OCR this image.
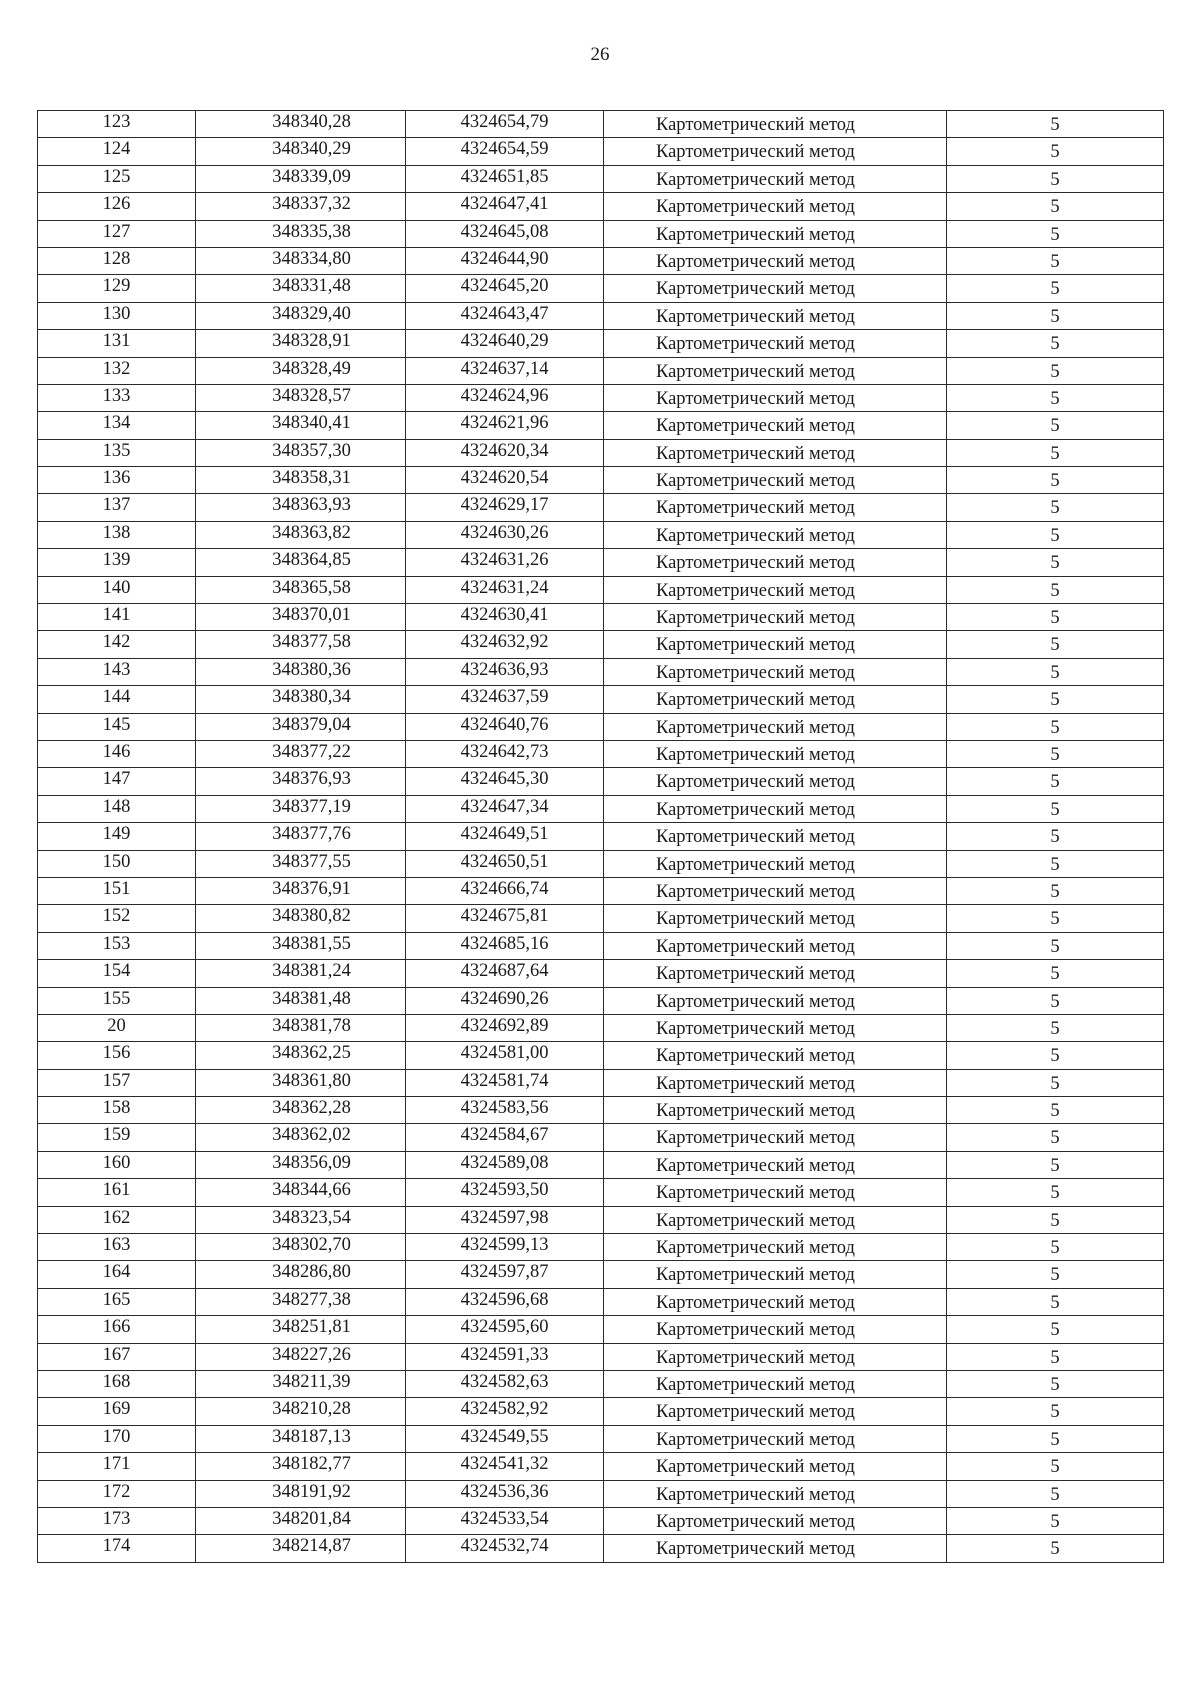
26
123	348340,28	4324654,79	Картометрический метод	5

124	348340,29	4324654,59	Картометрический метод	5

125	348339,09	4324651,85	Картометрический метод	5

126	348337,32	4324647,41	Картометрический метод	5

127	348335,38	4324645,08	Картометрический метод	5

128	348334,80	4324644,90	Картометрический метод	5

129	348331,48	4324645,20	Картометрический метод	5

130	348329,40	4324643,47	Картометрический метод	5

131	348328,91	4324640,29	Картометрический метод	5

132	348328,49	4324637,14	Картометрический метод	5

133	348328,57	4324624,96	Картометрический метод	5

134	348340,41	4324621,96	Картометрический метод	5

135	348357,30	4324620,34	Картометрический метод	5

136	348358,31	4324620,54	Картометрический метод	5

137	348363,93	4324629,17	Картометрический метод	5

138	348363,82	4324630,26	Картометрический метод	5

139	348364,85	4324631,26	Картометрический метод	5

140	348365,58	4324631,24	Картометрический метод	5

141	348370,01	4324630,41	Картометрический метод	5

142	348377,58	4324632,92	Картометрический метод	5

143	348380,36	4324636,93	Картометрический метод	5

144	348380,34	4324637,59	Картометрический метод	5

145	348379,04	4324640,76	Картометрический метод	5

146	348377,22	4324642,73	Картометрический метод	5

147	348376,93	4324645,30	Картометрический метод	5

148	348377,19	4324647,34	Картометрический метод	5

149	348377,76	4324649,51	Картометрический метод	5

150	348377,55	4324650,51	Картометрический метод	5

151	348376,91	4324666,74	Картометрический метод	5

152	348380,82	4324675,81	Картометрический метод	5

153	348381,55	4324685,16	Картометрический метод	5

154	348381,24	4324687,64	Картометрический метод	5

155	348381,48	4324690,26	Картометрический метод	5

20	348381,78	4324692,89	Картометрический метод	5

156	348362,25	4324581,00	Картометрический метод	5

157	348361,80	4324581,74	Картометрический метод	5

158	348362,28	4324583,56	Картометрический метод	5

159	348362,02	4324584,67	Картометрический метод	5

160	348356,09	4324589,08	Картометрический метод	5

161	348344,66	4324593,50	Картометрический метод	5

162	348323,54	4324597,98	Картометрический метод	5

163	348302,70	4324599,13	Картометрический метод	5

164	348286,80	4324597,87	Картометрический метод	5

165	348277,38	4324596,68	Картометрический метод	5

166	348251,81	4324595,60	Картометрический метод	5

167	348227,26	4324591,33	Картометрический метод	5

168	348211,39	4324582,63	Картометрический метод	5

169	348210,28	4324582,92	Картометрический метод	5

170	348187,13	4324549,55	Картометрический метод	5

171	348182,77	4324541,32	Картометрический метод	5

172	348191,92	4324536,36	Картометрический метод	5

173	348201,84	4324533,54	Картометрический метод	5

174	348214,87	4324532,74	Картометрический метод	5
